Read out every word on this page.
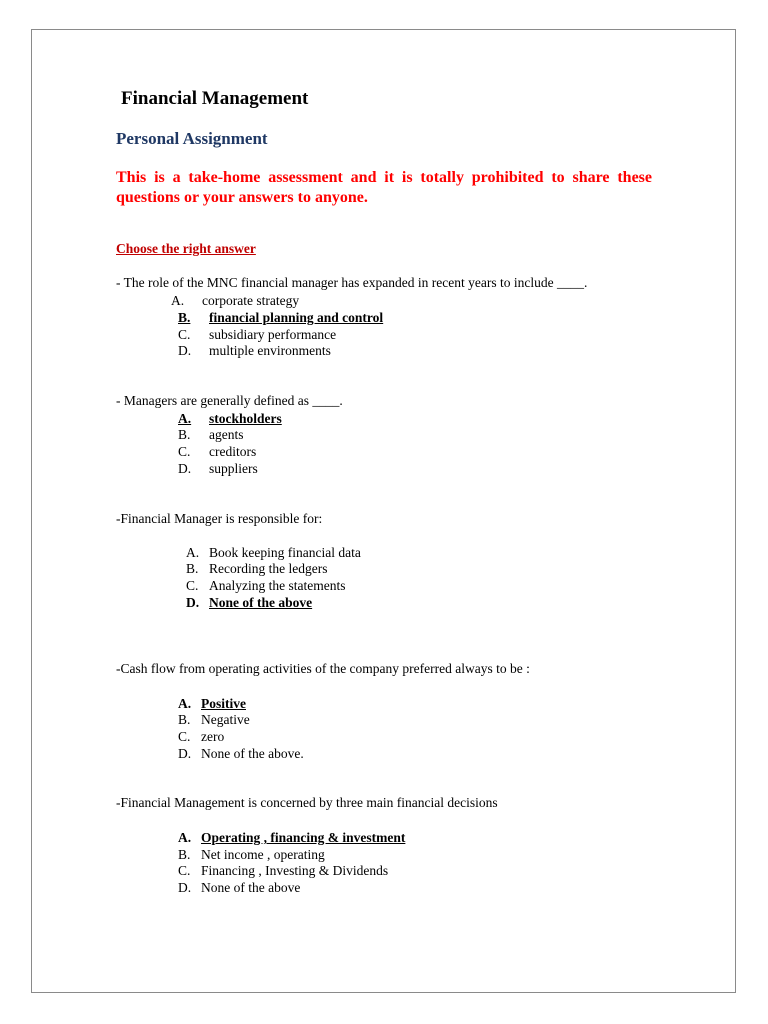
Financial Management
Personal Assignment
This is a take-home assessment and it is totally prohibited to share these questions or your answers to anyone.
Choose the right answer
- The role of the MNC financial manager has expanded in recent years to include ____.
A. corporate strategy
B. financial planning and control
C. subsidiary performance
D. multiple environments
- Managers are generally defined as ____.
A. stockholders
B. agents
C. creditors
D. suppliers
-Financial Manager is responsible for:
A. Book keeping financial data
B. Recording the ledgers
C. Analyzing the statements
D. None of the above
-Cash flow from operating activities of the company preferred always to be :
A. Positive
B. Negative
C. zero
D. None of the above.
-Financial Management is concerned by three main financial decisions
A. Operating , financing & investment
B. Net income , operating
C. Financing , Investing & Dividends
D. None of the above
